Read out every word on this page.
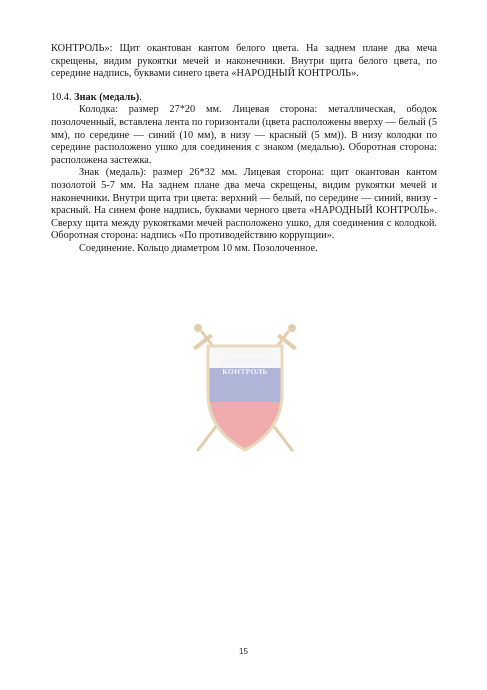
КОНТРОЛЬ»: Щит окантован кантом белого цвета. На заднем плане два меча скрещены, видим рукоятки мечей и наконечники. Внутри щита белого цвета, по середине надпись, буквами синего цвета «НАРОДНЫЙ КОНТРОЛЬ».

10.4. Знак (медаль).

Колодка: размер 27*20 мм. Лицевая сторона: металлическая, ободок позолоченный, вставлена лента по горизонтали (цвета расположены вверху — белый (5 мм), по середине — синий (10 мм), в низу — красный (5 мм)). В низу колодки по середине расположено ушко для соединения с знаком (медалью). Оборотная сторона: расположена застежка.

Знак (медаль): размер 26*32 мм. Лицевая сторона: щит окантован кантом позолотой 5-7 мм. На заднем плане два меча скрещены, видим рукоятки мечей и наконечники. Внутри щита три цвета: верхний — белый, по середине — синий, внизу - красный. На синем фоне надпись, буквами черного цвета «НАРОДНЫЙ КОНТРОЛЬ». Сверху щита между рукоятками мечей расположено ушко, для соединения с колодкой. Оборотная сторона: надпись «По противодействию коррупции».

Соединение. Кольцо диаметром 10 мм. Позолоченное.

НАРОДНЫЙ
КОНТРОЛЬ
15
